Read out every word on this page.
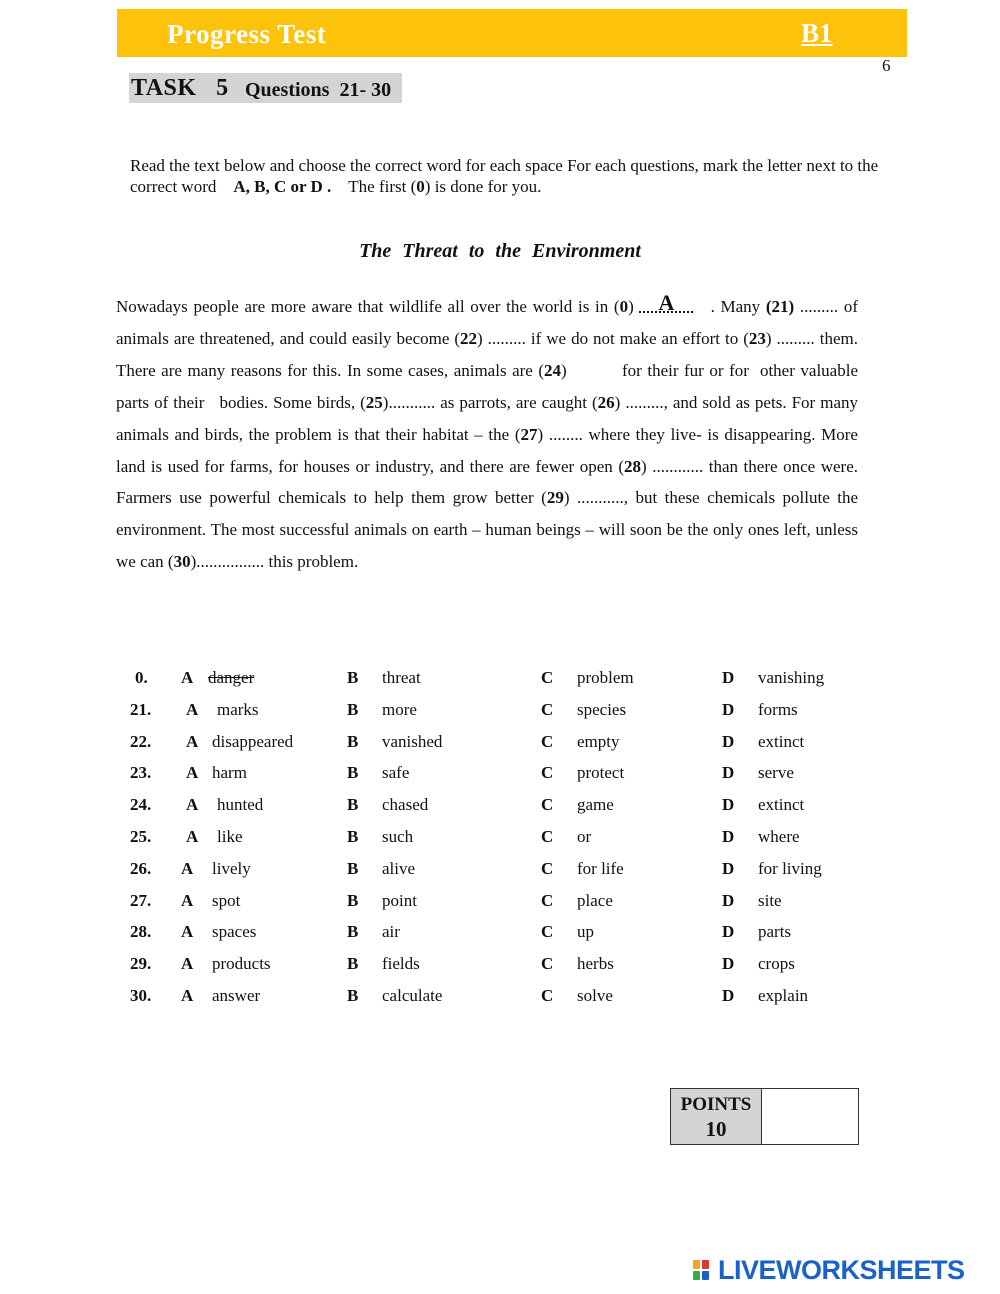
Progress Test	B1
6
TASK   5 Questions  21- 30
Read the text below and choose the correct word for each space For each questions, mark the letter next to the correct word A, B, C or D . The first (0) is done for you.
The Threat to the Environment
Nowadays people are more aware that wildlife all over the world is in (0) A . Many (21) ......... of animals are threatened, and could easily become (22) ......... if we do not make an effort to (23) ......... them. There are many reasons for this. In some cases, animals are (24)          for their fur or for  other valuable parts of their   bodies. Some birds, (25)........... as parrots, are caught (26) ........., and sold as pets. For many animals and birds, the problem is that their habitat – the (27) ........ where they live- is disappearing. More land is used for farms, for houses or industry, and there are fewer open (28) ............ than there once were. Farmers use powerful chemicals to help them grow better (29) ..........., but these chemicals pollute the environment. The most successful animals on earth – human beings – will soon be the only ones left, unless we can (30)................ this problem.
0. A danger	B threat	C problem	D vanishing
21. A marks	B more	C species	D forms
22. A disappeared	B vanished	C empty	D extinct
23. A harm	B safe	C protect	D serve
24. A hunted	B chased	C game	D extinct
25. A like	B such	C or	D where
26. A lively	B alive	C for life	D for living
27. A spot	B point	C place	D site
28. A spaces	B air	C up	D parts
29. A products	B fields	C herbs	D crops
30. A answer	B calculate	C solve	D explain
POINTS
10
LIVEWORKSHEETS
